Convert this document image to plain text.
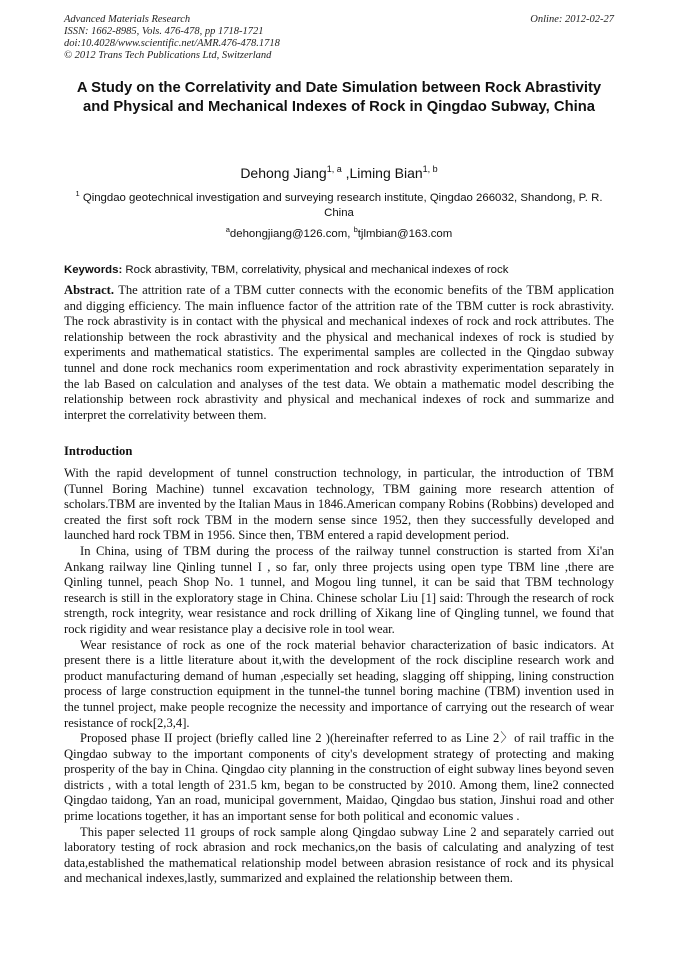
Advanced Materials Research
ISSN: 1662-8985, Vols. 476-478, pp 1718-1721
doi:10.4028/www.scientific.net/AMR.476-478.1718
© 2012 Trans Tech Publications Ltd, Switzerland
Online: 2012-02-27
A Study on the Correlativity and Date Simulation between Rock Abrastivity and Physical and Mechanical Indexes of Rock in Qingdao Subway, China
Dehong Jiang$^{1, a}$ ,Liming Bian$^{1, b}$
$^1$ Qingdao geotechnical investigation and surveying research institute, Qingdao 266032, Shandong, P. R. China
$^a$dehongjiang@126.com, $^b$tjlmbian@163.com
Keywords: Rock abrastivity, TBM, correlativity, physical and mechanical indexes of rock

Abstract. The attrition rate of a TBM cutter connects with the economic benefits of the TBM application and digging efficiency. The main influence factor of the attrition rate of the TBM cutter is rock abrastivity. The rock abrastivity is in contact with the physical and mechanical indexes of rock and rock attributes. The relationship between the rock abrastivity and the physical and mechanical indexes of rock is studied by experiments and mathematical statistics. The experimental samples are collected in the Qingdao subway tunnel and done rock mechanics room experimentation and rock abrastivity experimentation separately in the lab Based on calculation and analyses of the test data. We obtain a mathematic model describing the relationship between rock abrastivity and physical and mechanical indexes of rock and summarize and interpret the correlativity between them.

Introduction

With the rapid development of tunnel construction technology, in particular, the introduction of TBM (Tunnel Boring Machine) tunnel excavation technology, TBM gaining more research attention of scholars.TBM are invented by the Italian Maus in 1846.American company Robins (Robbins) developed and created the first soft rock TBM in the modern sense since 1952, then they successfully developed and launched hard rock TBM in 1956. Since then, TBM entered a rapid development period.

In China, using of TBM during the process of the railway tunnel construction is started from Xi'an Ankang railway line Qinling tunnel I , so far, only three projects using open type TBM line ,there are Qinling tunnel, peach Shop No. 1 tunnel, and Mogou ling tunnel, it can be said that TBM technology research is still in the exploratory stage in China. Chinese scholar Liu [1] said: Through the research of rock strength, rock integrity, wear resistance and rock drilling of Xikang line of Qingling tunnel, we found that rock rigidity and wear resistance play a decisive role in tool wear.

Wear resistance of rock as one of the rock material behavior characterization of basic indicators. At present there is a little literature about it,with the development of the rock discipline research work and product manufacturing demand of human ,especially set heading, slagging off shipping, lining construction process of large construction equipment in the tunnel-the tunnel boring machine (TBM) invention used in the tunnel project, make people recognize the necessity and importance of carrying out the research of wear resistance of rock[2,3,4].

Proposed phase II project (briefly called line 2 )(hereinafter referred to as Line 2〉of rail traffic in the Qingdao subway to the important components of city's development strategy of protecting and making prosperity of the bay in China. Qingdao city planning in the construction of eight subway lines beyond seven districts , with a total length of 231.5 km, began to be constructed by 2010. Among them, line2 connected Qingdao taidong, Yan an road, municipal government, Maidao, Qingdao bus station, Jinshui road and other prime locations together, it has an important sense for both political and economic values .

This paper selected 11 groups of rock sample along Qingdao subway Line 2 and separately carried out laboratory testing of rock abrasion and rock mechanics,on the basis of calculating and analyzing of test data,established the mathematical relationship model between abrasion resistance of rock and its physical and mechanical indexes,lastly, summarized and explained the relationship between them.
